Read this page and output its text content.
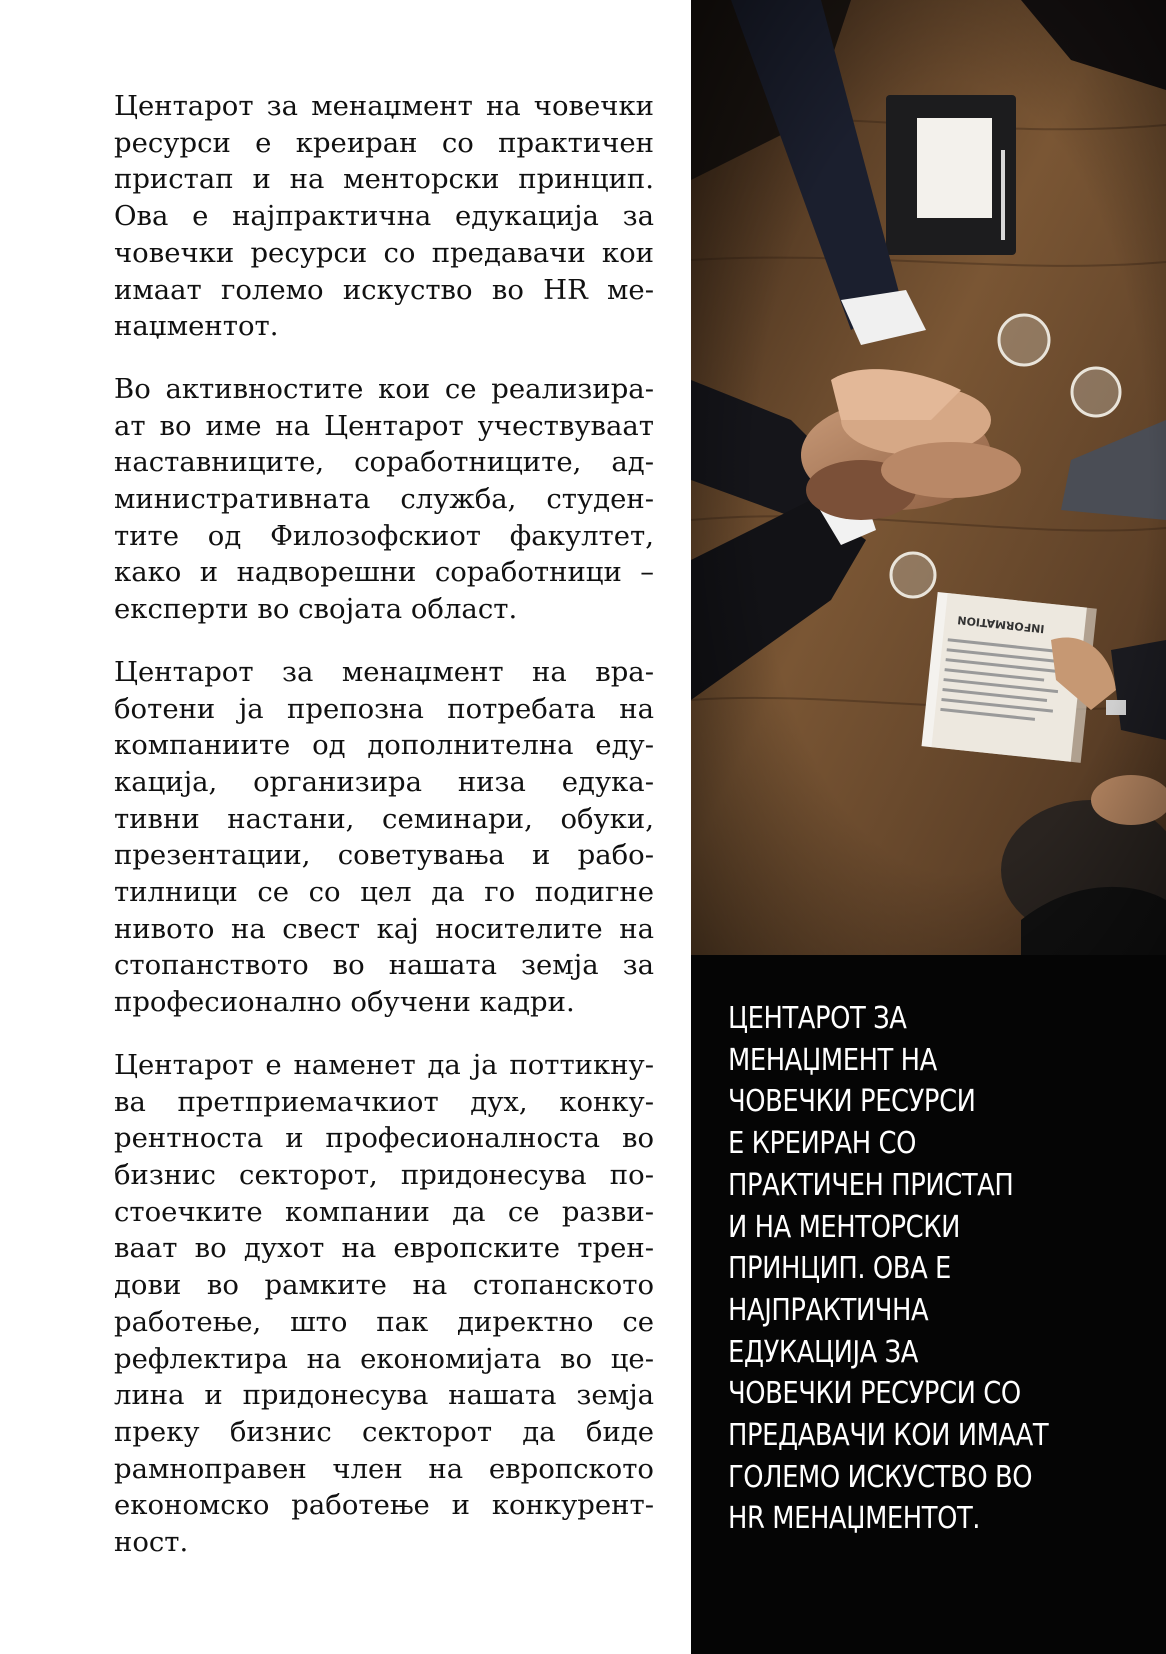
Центарот за менаџмент на човечки ресурси е креиран со практичен пристап и на менторски принцип. Ова е најпрактична едукација за човечки ресурси со предавачи кои имаат големо искуство во HR ме-наџментот.

Во активностите кои се реализира-ат во име на Центарот учествуваат наставниците, соработниците, ад-министративната служба, студен-тите од Филозофскиот факултет, како и надворешни соработници – експерти во својата област.

Центарот за менаџмент на вра-ботени ја препозна потребата на компаниите од дополнителна еду-кација, организира низа едука-тивни настани, семинари, обуки, презентации, советувања и рабо-тилници се со цел да го подигне нивото на свест кај носителите на стопанството во нашата земја за професионално обучени кадри.

Центарот е наменет да ја поттикну-ва претприемачкиот дух, конку-рентноста и професионалноста во бизнис секторот, придонесува по-стоечките компании да се разви-ваат во духот на европските трен-дови во рамките на стопанското работење, што пак директно се рефлектира на економијата во це-лина и придонесува нашата земја преку бизнис секторот да биде рамноправен член на европското економско работење и конкурент-ност.

ЦЕНТАРОТ ЗА
МЕНАЏМЕНТ НА
ЧОВЕЧКИ РЕСУРСИ
Е КРЕИРАН СО
ПРАКТИЧЕН ПРИСТАП
И НА МЕНТОРСКИ
ПРИНЦИП. ОВА Е
НАЈПРАКТИЧНА
ЕДУКАЦИЈА ЗА
ЧОВЕЧКИ РЕСУРСИ СО
ПРЕДАВАЧИ КОИ ИМААТ
ГОЛЕМО ИСКУСТВО ВО
HR МЕНАЏМЕНТОТ.
